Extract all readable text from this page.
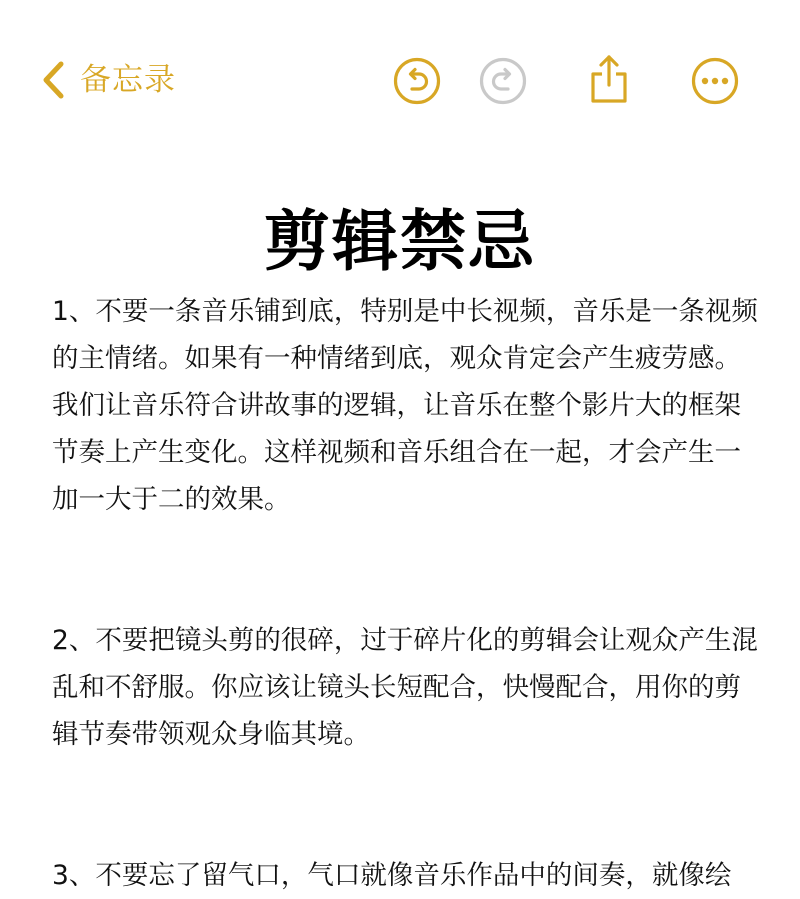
备忘录
剪辑禁忌

1、不要一条音乐铺到底，特别是中长视频，音乐是一条视频的主情绪。如果有一种情绪到底，观众肯定会产生疲劳感。我们让音乐符合讲故事的逻辑，让音乐在整个影片大的框架节奏上产生变化。这样视频和音乐组合在一起，才会产生一加一大于二的效果。

2、不要把镜头剪的很碎，过于碎片化的剪辑会让观众产生混乱和不舒服。你应该让镜头长短配合，快慢配合，用你的剪辑节奏带领观众身临其境。

3、不要忘了留气口，气口就像音乐作品中的间奏，就像绘
